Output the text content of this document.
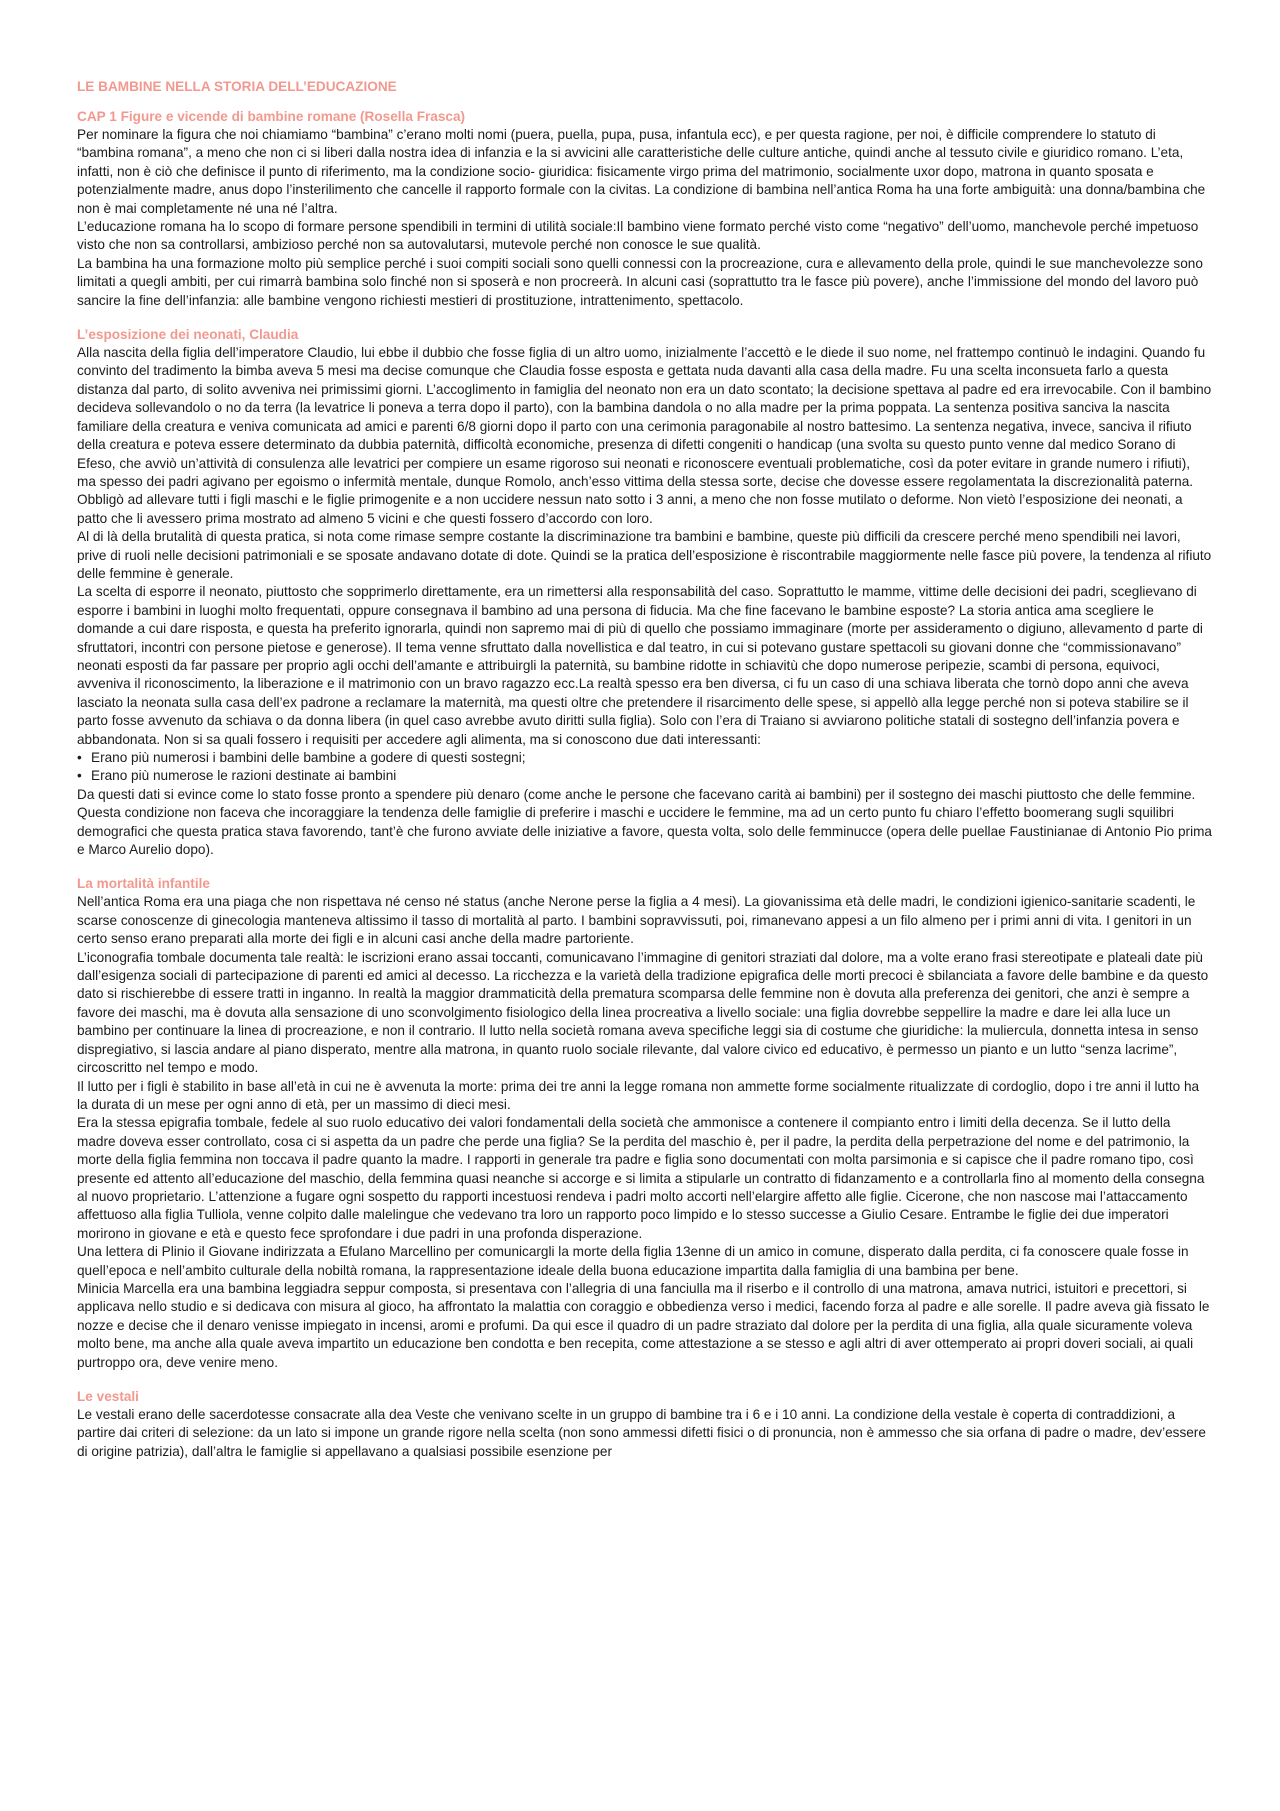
LE BAMBINE NELLA STORIA DELL’EDUCAZIONE
CAP 1 Figure e vicende di bambine romane (Rosella Frasca)

Per nominare la figura che noi chiamiamo “bambina” c’erano molti nomi (puera, puella, pupa, pusa, infantula ecc), e per questa ragione, per noi, è difficile comprendere lo statuto di “bambina romana”, a meno che non ci si liberi dalla nostra idea di infanzia e la si avvicini alle caratteristiche delle culture antiche, quindi anche al tessuto civile e giuridico romano. L’eta, infatti, non è ciò che definisce il punto di riferimento, ma la condizione socio- giuridica: fisicamente virgo prima del matrimonio, socialmente uxor dopo, matrona in quanto sposata e potenzialmente madre, anus dopo l’insterilimento che cancelle il rapporto formale con la civitas. La condizione di bambina nell’antica Roma ha una forte ambiguità: una donna/bambina che non è mai completamente né una né l’altra.

L’educazione romana ha lo scopo di formare persone spendibili in termini di utilità sociale:Il bambino viene formato perché visto come “negativo” dell’uomo, manchevole perché impetuoso visto che non sa controllarsi, ambizioso perché non sa autovalutarsi, mutevole perché non conosce le sue qualità.

La bambina ha una formazione molto più semplice perché i suoi compiti sociali sono quelli connessi con la procreazione, cura e allevamento della prole, quindi le sue manchevolezze sono limitati a quegli ambiti, per cui rimarrà bambina solo finché non si sposerà e non procreerà. In alcuni casi (soprattutto tra le fasce più povere), anche l’immissione del mondo del lavoro può sancire la fine dell’infanzia: alle bambine vengono richiesti mestieri di prostituzione, intrattenimento, spettacolo.

L’esposizione dei neonati, Claudia

Alla nascita della figlia dell’imperatore Claudio, lui ebbe il dubbio che fosse figlia di un altro uomo, inizialmente l’accettò e le diede il suo nome, nel frattempo continuò le indagini. Quando fu convinto del tradimento la bimba aveva 5 mesi ma decise comunque che Claudia fosse esposta e gettata nuda davanti alla casa della madre. Fu una scelta inconsueta farlo a questa distanza dal parto, di solito avveniva nei primissimi giorni. L’accoglimento in famiglia del neonato non era un dato scontato; la decisione spettava al padre ed era irrevocabile. Con il bambino decideva sollevandolo o no da terra (la levatrice li poneva a terra dopo il parto), con la bambina dandola o no alla madre per la prima poppata. La sentenza positiva sanciva la nascita familiare della creatura e veniva comunicata ad amici e parenti 6/8 giorni dopo il parto con una cerimonia paragonabile al nostro battesimo. La sentenza negativa, invece, sanciva il rifiuto della creatura e poteva essere determinato da dubbia paternità, difficoltà economiche, presenza di difetti congeniti o handicap (una svolta su questo punto venne dal medico Sorano di Efeso, che avviò un’attività di consulenza alle levatrici per compiere un esame rigoroso sui neonati e riconoscere eventuali problematiche, così da poter evitare in grande numero i rifiuti), ma spesso dei padri agivano per egoismo o infermità mentale, dunque Romolo, anch’esso vittima della stessa sorte, decise che dovesse essere regolamentata la discrezionalità paterna. Obbligò ad allevare tutti i figli maschi e le figlie primogenite e a non uccidere nessun nato sotto i 3 anni, a meno che non fosse mutilato o deforme. Non vietò l’esposizione dei neonati, a patto che li avessero prima mostrato ad almeno 5 vicini e che questi fossero d’accordo con loro.

Al di là della brutalità di questa pratica, si nota come rimase sempre costante la discriminazione tra bambini e bambine, queste più difficili da crescere perché meno spendibili nei lavori, prive di ruoli nelle decisioni patrimoniali e se sposate andavano dotate di dote. Quindi se la pratica dell’esposizione è riscontrabile maggiormente nelle fasce più povere, la tendenza al rifiuto delle femmine è generale.

La scelta di esporre il neonato, piuttosto che sopprimerlo direttamente, era un rimettersi alla responsabilità del caso. Soprattutto le mamme, vittime delle decisioni dei padri, sceglievano di esporre i bambini in luoghi molto frequentati, oppure consegnava il bambino ad una persona di fiducia. Ma che fine facevano le bambine esposte? La storia antica ama scegliere le domande a cui dare risposta, e questa ha preferito ignorarla, quindi non sapremo mai di più di quello che possiamo immaginare (morte per assideramento o digiuno, allevamento d parte di sfruttatori, incontri con persone pietose e generose). Il tema venne sfruttato dalla novellistica e dal teatro, in cui si potevano gustare spettacoli su giovani donne che “commissionavano” neonati esposti da far passare per proprio agli occhi dell’amante e attribuirgli la paternità, su bambine ridotte in schiavitù che dopo numerose peripezie, scambi di persona, equivoci, avveniva il riconoscimento, la liberazione e il matrimonio con un bravo ragazzo ecc.La realtà spesso era ben diversa, ci fu un caso di una schiava liberata che tornò dopo anni che aveva lasciato la neonata sulla casa dell’ex padrone a reclamare la maternità, ma questi oltre che pretendere il risarcimento delle spese, si appellò alla legge perché non si poteva stabilire se il parto fosse avvenuto da schiava o da donna libera (in quel caso avrebbe avuto diritti sulla figlia). Solo con l’era di Traiano si avviarono politiche statali di sostegno dell’infanzia povera e abbandonata. Non si sa quali fossero i requisiti per accedere agli alimenta, ma si conoscono due dati interessanti:

• Erano più numerosi i bambini delle bambine a godere di questi sostegni;
• Erano più numerose le razioni destinate ai bambini

Da questi dati si evince come lo stato fosse pronto a spendere più denaro (come anche le persone che facevano carità ai bambini) per il sostegno dei maschi piuttosto che delle femmine. Questa condizione non faceva che incoraggiare la tendenza delle famiglie di preferire i maschi e uccidere le femmine, ma ad un certo punto fu chiaro l’effetto boomerang sugli squilibri demografici che questa pratica stava favorendo, tant’è che furono avviate delle iniziative a favore, questa volta, solo delle femminucce (opera delle puellae Faustinianae di Antonio Pio prima e Marco Aurelio dopo).

La mortalità infantile

Nell’antica Roma era una piaga che non rispettava né censo né status (anche Nerone perse la figlia a 4 mesi). La giovanissima età delle madri, le condizioni igienico-sanitarie scadenti, le scarse conoscenze di ginecologia manteneva altissimo il tasso di mortalità al parto. I bambini sopravvissuti, poi, rimanevano appesi a un filo almeno per i primi anni di vita. I genitori in un certo senso erano preparati alla morte dei figli e in alcuni casi anche della madre partoriente.

L’iconografia tombale documenta tale realtà: le iscrizioni erano assai toccanti, comunicavano l’immagine di genitori straziati dal dolore, ma a volte erano frasi stereotipate e plateali date più dall’esigenza sociali di partecipazione di parenti ed amici al decesso. La ricchezza e la varietà della tradizione epigrafica delle morti precoci è sbilanciata a favore delle bambine e da questo dato si rischierebbe di essere tratti in inganno. In realtà la maggior drammaticità della prematura scomparsa delle femmine non è dovuta alla preferenza dei genitori, che anzi è sempre a favore dei maschi, ma è dovuta alla sensazione di uno sconvolgimento fisiologico della linea procreativa a livello sociale: una figlia dovrebbe seppellire la madre e dare lei alla luce un bambino per continuare la linea di procreazione, e non il contrario. Il lutto nella società romana aveva specifiche leggi sia di costume che giuridiche: la muliercula, donnetta intesa in senso dispregiativo, si lascia andare al piano disperato, mentre alla matrona, in quanto ruolo sociale rilevante, dal valore civico ed educativo, è permesso un pianto e un lutto “senza lacrime”, circoscritto nel tempo e modo.

Il lutto per i figli è stabilito in base all’età in cui ne è avvenuta la morte: prima dei tre anni la legge romana non ammette forme socialmente ritualizzate di cordoglio, dopo i tre anni il lutto ha la durata di un mese per ogni anno di età, per un massimo di dieci mesi.

Era la stessa epigrafia tombale, fedele al suo ruolo educativo dei valori fondamentali della società che ammonisce a contenere il compianto entro i limiti della decenza. Se il lutto della madre doveva esser controllato, cosa ci si aspetta da un padre che perde una figlia? Se la perdita del maschio è, per il padre, la perdita della perpetrazione del nome e del patrimonio, la morte della figlia femmina non toccava il padre quanto la madre. I rapporti in generale tra padre e figlia sono documentati con molta parsimonia e si capisce che il padre romano tipo, così presente ed attento all’educazione del maschio, della femmina quasi neanche si accorge e si limita a stipularle un contratto di fidanzamento e a controllarla fino al momento della consegna al nuovo proprietario. L’attenzione a fugare ogni sospetto du rapporti incestuosi rendeva i padri molto accorti nell’elargire affetto alle figlie. Cicerone, che non nascose mai l’attaccamento affettuoso alla figlia Tulliola, venne colpito dalle malelingue che vedevano tra loro un rapporto poco limpido e lo stesso successe a Giulio Cesare. Entrambe le figlie dei due imperatori morirono in giovane e età e questo fece sprofondare i due padri in una profonda disperazione.

Una lettera di Plinio il Giovane indirizzata a Efulano Marcellino per comunicargli la morte della figlia 13enne di un amico in comune, disperato dalla perdita, ci fa conoscere quale fosse in quell’epoca e nell’ambito culturale della nobiltà romana, la rappresentazione ideale della buona educazione impartita dalla famiglia di una bambina per bene.

Minicia Marcella era una bambina leggiadra seppur composta, si presentava con l’allegria di una fanciulla ma il riserbo e il controllo di una matrona, amava nutrici, istuitori e precettori, si applicava nello studio e si dedicava con misura al gioco, ha affrontato la malattia con coraggio e obbedienza verso i medici, facendo forza al padre e alle sorelle. Il padre aveva già fissato le nozze e decise che il denaro venisse impiegato in incensi, aromi e profumi. Da qui esce il quadro di un padre straziato dal dolore per la perdita di una figlia, alla quale sicuramente voleva molto bene, ma anche alla quale aveva impartito un educazione ben condotta e ben recepita, come attestazione a se stesso e agli altri di aver ottemperato ai propri doveri sociali, ai quali purtroppo ora, deve venire meno.

Le vestali

Le vestali erano delle sacerdotesse consacrate alla dea Veste che venivano scelte in un gruppo di bambine tra i 6 e i 10 anni. La condizione della vestale è coperta di contraddizioni, a partire dai criteri di selezione: da un lato si impone un grande rigore nella scelta (non sono ammessi difetti fisici o di pronuncia, non è ammesso che sia orfana di padre o madre, dev’essere di origine patrizia), dall’altra le famiglie si appellavano a qualsiasi possibile esenzione per
